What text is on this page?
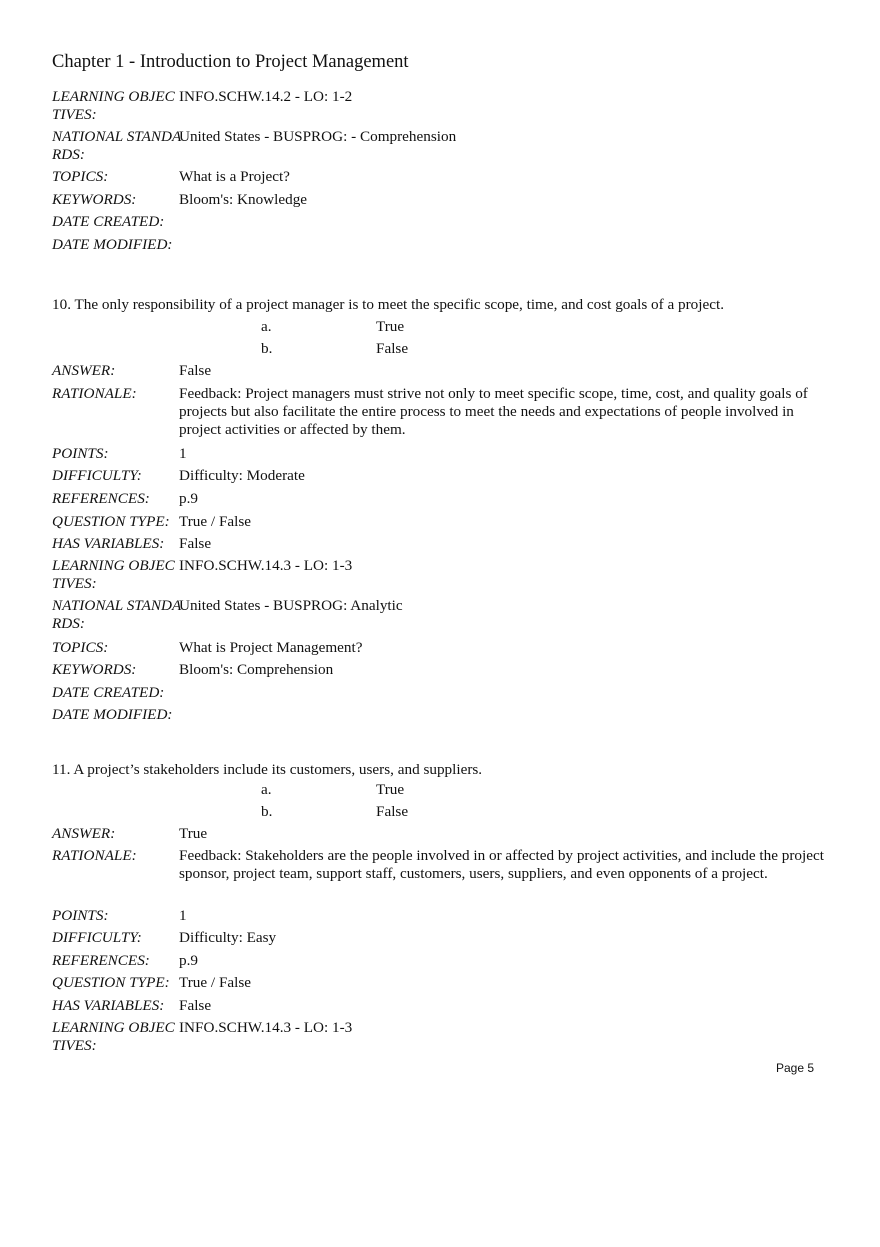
Chapter 1 - Introduction to Project Management
LEARNING OBJECTIVES:
INFO.SCHW.14.2 - LO: 1-2
NATIONAL STANDARDS:
United States - BUSPROG: - Comprehension
TOPICS:	What is a Project?
KEYWORDS:	Bloom's: Knowledge
DATE CREATED:
DATE MODIFIED:
10. The only responsibility of a project manager is to meet the specific scope, time, and cost goals of a project.
a.	True
b.	False
ANSWER:	False
RATIONALE:	Feedback: Project managers must strive not only to meet specific scope, time, cost, and quality goals of projects but also facilitate the entire process to meet the needs and expectations of people involved in project activities or affected by them.
POINTS:	1
DIFFICULTY:	Difficulty: Moderate
REFERENCES:	p.9
QUESTION TYPE: True / False
HAS VARIABLES: False
LEARNING OBJECTIVES:
INFO.SCHW.14.3 - LO: 1-3
NATIONAL STANDARDS:
United States - BUSPROG: Analytic
TOPICS:	What is Project Management?
KEYWORDS:	Bloom's: Comprehension
DATE CREATED:
DATE MODIFIED:
11. A project’s stakeholders include its customers, users, and suppliers.
a.	True
b.	False
ANSWER:	True
RATIONALE:	Feedback: Stakeholders are the people involved in or affected by project activities, and include the project sponsor, project team, support staff, customers, users, suppliers, and even opponents of a project.
POINTS:	1
DIFFICULTY:	Difficulty: Easy
REFERENCES:	p.9
QUESTION TYPE: True / False
HAS VARIABLES: False
LEARNING OBJECTIVES:
INFO.SCHW.14.3 - LO: 1-3
Page 5
